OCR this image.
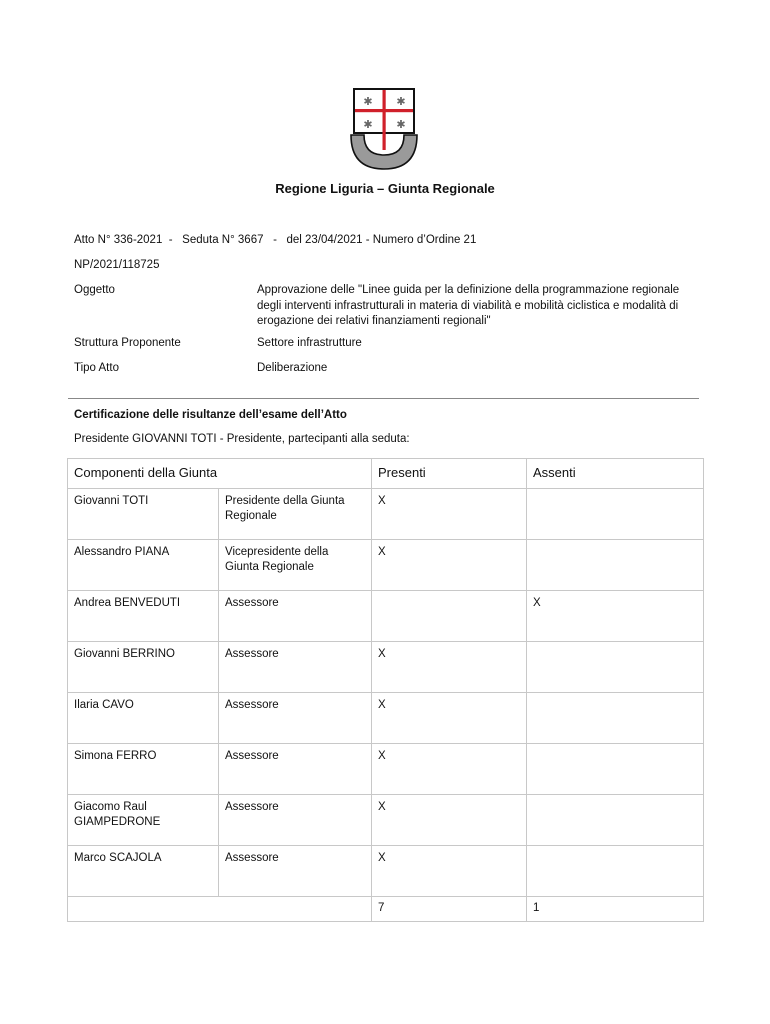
✱ ✱
✱ ✱
Regione Liguria – Giunta Regionale
Atto N° 336-2021  -   Seduta N° 3667   -   del 23/04/2021 - Numero d’Ordine 21
NP/2021/118725
Oggetto	Approvazione delle "Linee guida per la definizione della programmazione regionale degli interventi infrastrutturali in materia di viabilità e mobilità ciclistica e modalità di erogazione dei relativi finanziamenti regionali"
Struttura Proponente	Settore infrastrutture
Tipo Atto	Deliberazione
Certificazione delle risultanze dell’esame dell’Atto
Presidente GIOVANNI TOTI - Presidente, partecipanti alla seduta:
Componenti della Giunta		Presenti	Assenti
Giovanni TOTI	Presidente della Giunta Regionale	X	
Alessandro PIANA	Vicepresidente della Giunta Regionale	X	
Andrea BENVEDUTI	Assessore		X
Giovanni BERRINO	Assessore	X	
Ilaria CAVO	Assessore	X	
Simona FERRO	Assessore	X	
Giacomo Raul GIAMPEDRONE	Assessore	X	
Marco SCAJOLA	Assessore	X	
		7	1
